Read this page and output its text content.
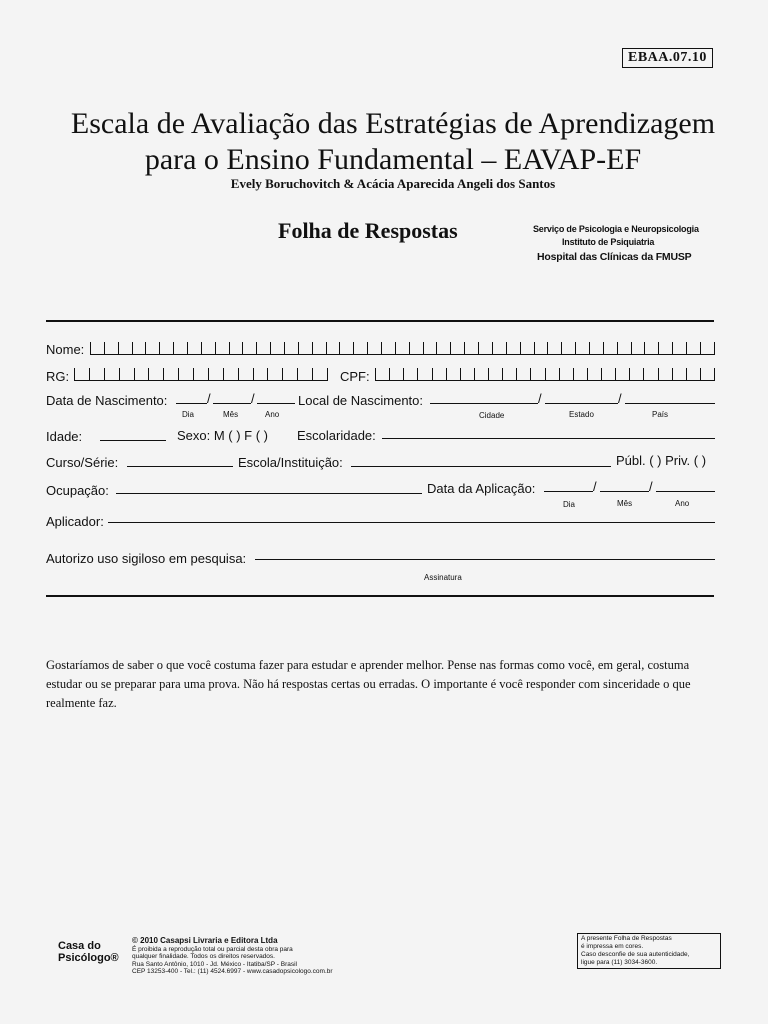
EBAA.07.10
Escala de Avaliação das Estratégias de Aprendizagem
para o Ensino Fundamental – EAVAP-EF
Evely Boruchovitch & Acácia Aparecida Angeli dos Santos
Folha de Respostas	Serviço de Psicologia e Neuropsicologia
Instituto de Psiquiatria
Hospital das Clínicas da FMUSP
Nome:
RG:	CPF:
Data de Nascimento:	/	/	Local de Nascimento:	/	/
Dia	Mês	Ano	Cidade	Estado	País
Idade:	Sexo: M ( ) F ( ) Escolaridade:
Curso/Série:	Escola/Instituição:	Públ. ( ) Priv. ( )
Ocupação:	Data da Aplicação:	/	/
Dia	Mês	Ano
Aplicador:
Autorizo uso sigiloso em pesquisa:
Assinatura
Gostaríamos de saber o que você costuma fazer para estudar e aprender melhor. Pense nas formas como você, em geral, costuma estudar ou se preparar para uma prova. Não há respostas certas ou erradas. O importante é você responder com sinceridade o que realmente faz.
Casa do
Psicólogo®
© 2010 Casapsi Livraria e Editora Ltda
É proibida a reprodução total ou parcial desta obra para
qualquer finalidade. Todos os direitos reservados.
Rua Santo Antônio, 1010 - Jd. México - Itatiba/SP - Brasil
CEP 13253-400 - Tel.: (11) 4524.6997 - www.casadopsicologo.com.br
A presente Folha de Respostas
é impressa em cores.
Caso desconfie de sua autenticidade,
ligue para (11) 3034-3600.
